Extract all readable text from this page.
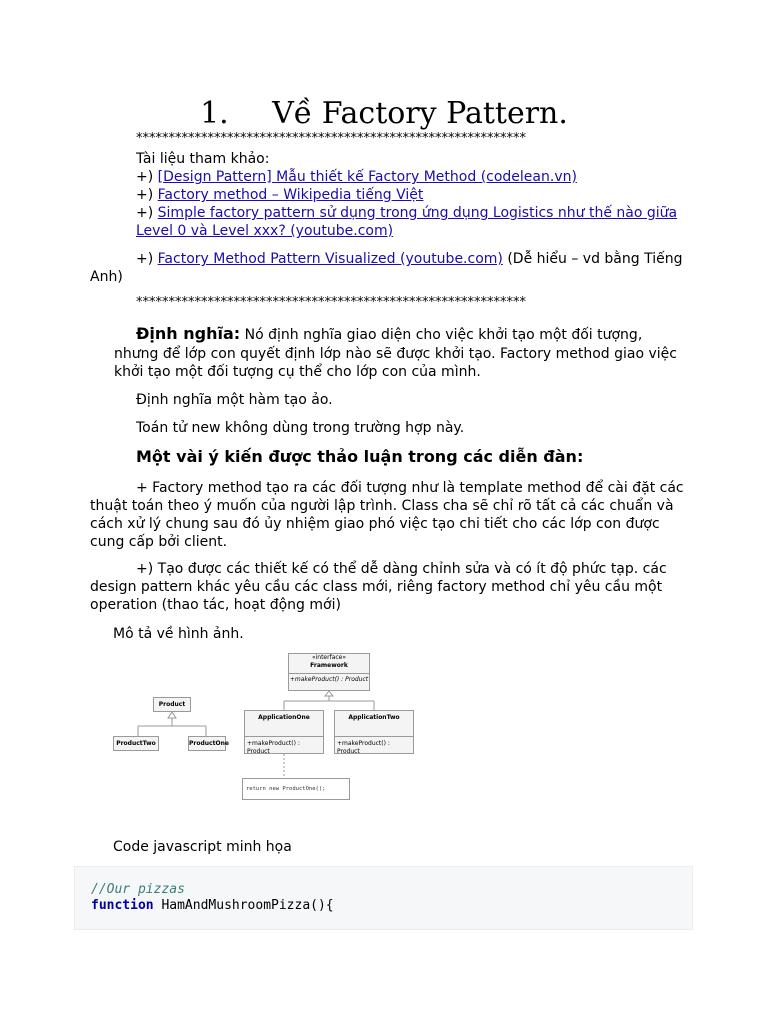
1. Về Factory Pattern.
************************************************************
Tài liệu tham khảo:
+) [Design Pattern] Mẫu thiết kế Factory Method (codelean.vn)
+) Factory method – Wikipedia tiếng Việt
+) Simple factory pattern sử dụng trong ứng dụng Logistics như thế nào giữa
Level 0 và Level xxx? (youtube.com)
+) Factory Method Pattern Visualized (youtube.com) (Dễ hiểu – vd bằng Tiếng
Anh)
************************************************************
Định nghĩa: Nó định nghĩa giao diện cho việc khởi tạo một đối tượng,
nhưng để lớp con quyết định lớp nào sẽ được khởi tạo. Factory method giao việc
khởi tạo một đối tượng cụ thể cho lớp con của mình.
Định nghĩa một hàm tạo ảo.
Toán tử new không dùng trong trường hợp này.
Một vài ý kiến được thảo luận trong các diễn đàn:
+ Factory method tạo ra các đối tượng như là template method để cài đặt các
thuật toán theo ý muốn của người lập trình. Class cha sẽ chỉ rõ tất cả các chuẩn và
cách xử lý chung sau đó ủy nhiệm giao phó việc tạo chi tiết cho các lớp con được
cung cấp bởi client.
+) Tạo được các thiết kế có thể dễ dàng chỉnh sửa và có ít độ phức tạp. các
design pattern khác yêu cầu các class mới, riêng factory method chỉ yêu cầu một
operation (thao tác, hoạt động mới)
Mô tả về hình ảnh.
«interface»
Framework
+makeProduct() : Product
ApplicationOne
+makeProduct() : Product
ApplicationTwo
+makeProduct() : Product
Product
ProductTwo	ProductOne
return new ProductOne();
Code javascript minh họa
//Our pizzas
function HamAndMushroomPizza(){
